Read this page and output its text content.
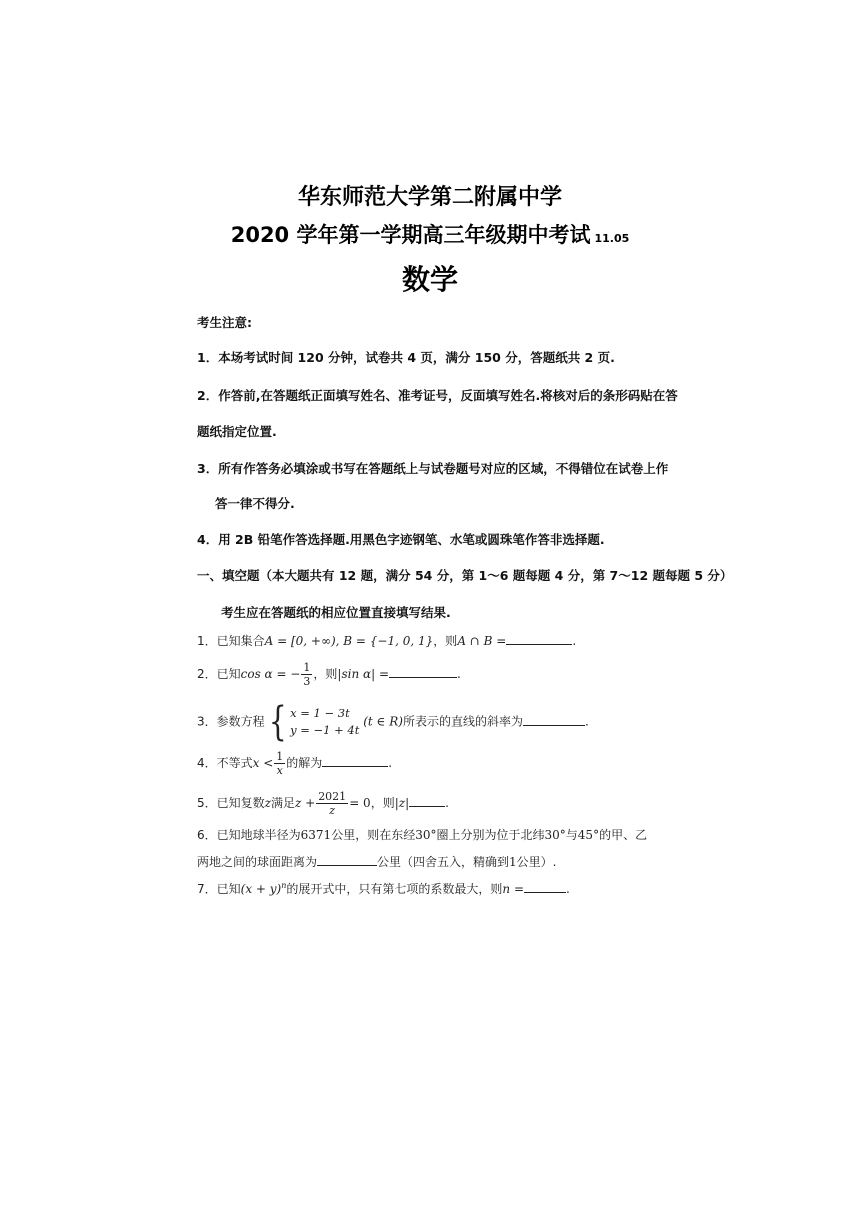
华东师范大学第二附属中学
2020 学年第一学期高三年级期中考试 11.05
数学
考生注意:
1．本场考试时间 120 分钟，试卷共 4 页，满分 150 分，答题纸共 2 页.
2．作答前,在答题纸正面填写姓名、准考证号，反面填写姓名.将核对后的条形码贴在答
题纸指定位置.
3．所有作答务必填涂或书写在答题纸上与试卷题号对应的区域，不得错位在试卷上作
答一律不得分.
4．用 2B 铅笔作答选择题.用黑色字迹钢笔、水笔或圆珠笔作答非选择题.
一、填空题（本大题共有 12 题，满分 54 分，第 1～6 题每题 4 分，第 7～12 题每题 5 分）
考生应在答题纸的相应位置直接填写结果.
1．已知集合A = [0, +∞), B = {−1, 0, 1}，则A ∩ B =	.
2．已知cos α = − $\frac{1}{3}$ ，则|sin α| =	.
3．参数方程{ x = 1 − 3t
y = −1 + 4t
(t ∈ R)所表示的直线的斜率为	.
4．不等式$x < \frac{1}{x}$ 的解为	.
5．已知复数z满足$z + \frac{2021}{z} = 0$，则|z|	.
6．已知地球半径为6371公里，则在东经30°圈上分别为位于北纬30°与45°的甲、乙
两地之间的球面距离为	公里（四舍五入，精确到1公里）.
7．已知$(x + y)^n$的展开式中，只有第七项的系数最大，则n =	.
